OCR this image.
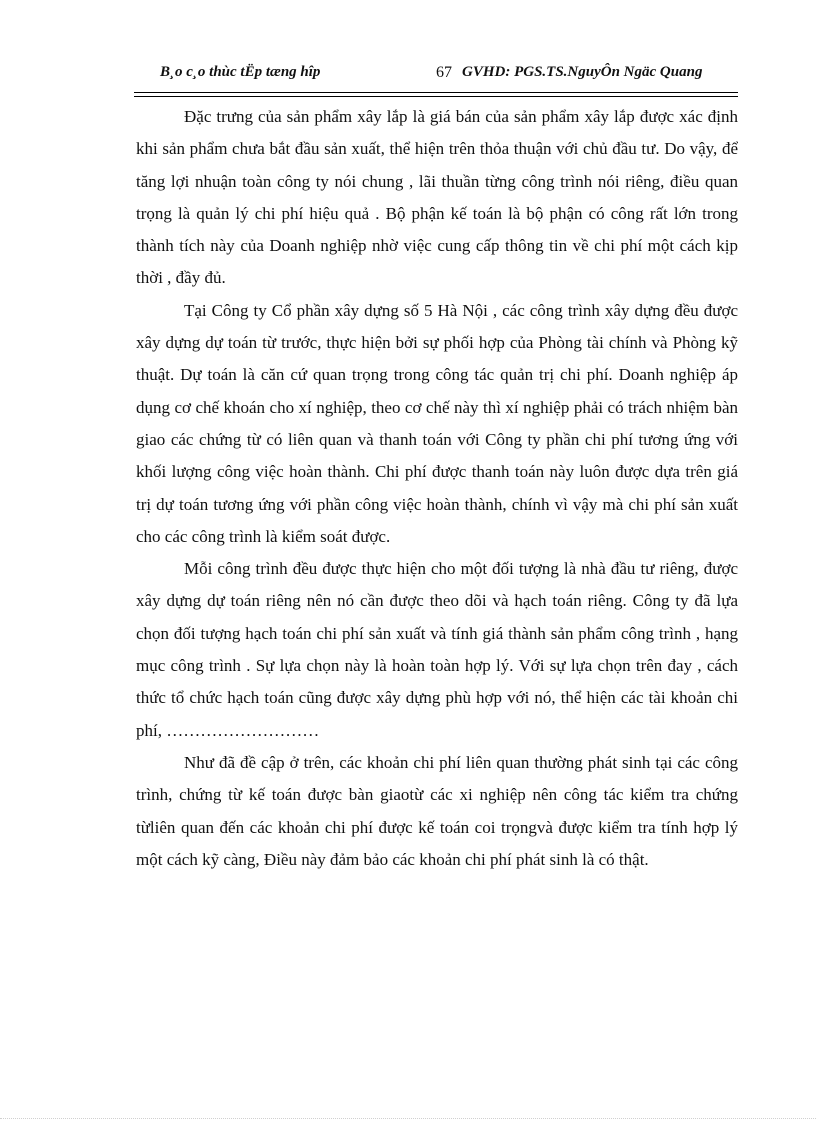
B¸o c¸o thùc tËp tæng hîp	67 GVHD: PGS.TS.NguyÔn Ngäc Quang

Đặc trưng của sản phẩm xây lắp là giá bán của sản phẩm xây lắp được xác định khi sản phẩm chưa bắt đầu sản xuất, thể hiện trên thỏa thuận với chủ đầu tư. Do vậy, để tăng lợi nhuận toàn công ty nói chung , lãi thuần từng công trình nói riêng, điều quan trọng là quản lý chi phí hiệu quả . Bộ phận kế toán là bộ phận có công rất lớn trong thành tích này của Doanh nghiệp nhờ việc cung cấp thông tin về chi phí một cách kịp thời , đầy đủ.

Tại Công ty Cổ phần xây dựng số 5 Hà Nội , các công trình xây dựng đều được xây dựng dự toán từ trước, thực hiện bởi sự phối hợp của Phòng tài chính và Phòng kỹ thuật. Dự toán là căn cứ quan trọng trong công tác quản trị chi phí. Doanh nghiệp áp dụng cơ chế khoán cho xí nghiệp, theo cơ chế này thì xí nghiệp phải có trách nhiệm bàn giao các chứng từ có liên quan và thanh toán với Công ty phần chi phí tương ứng với khối lượng công việc hoàn thành. Chi phí được thanh toán này luôn được dựa trên giá trị dự toán tương ứng với phần công việc hoàn thành, chính vì vậy mà chi phí sản xuất cho các công trình là kiểm soát được.

Mỗi công trình đều được thực hiện cho một đối tượng là nhà đầu tư riêng, được xây dựng dự toán riêng nên nó cần được theo dõi và hạch toán riêng. Công ty đã lựa chọn đối tượng hạch toán chi phí sản xuất và tính giá thành sản phẩm công trình , hạng mục công trình . Sự lựa chọn này là hoàn toàn hợp lý. Với sự lựa chọn trên đay , cách thức tổ chức hạch toán cũng được xây dựng phù hợp với nó, thể hiện các tài khoản chi phí, ………………………

Như đã đề cập ở trên, các khoản chi phí liên quan thường phát sinh tại các công trình, chứng từ kế toán được bàn giaotừ các xi nghiệp nên công tác kiểm tra chứng từliên quan đến các khoản chi phí được kế toán coi trọngvà được kiểm tra tính hợp lý một cách kỹ càng, Điều này đảm bảo các khoản chi phí phát sinh là có thật.
